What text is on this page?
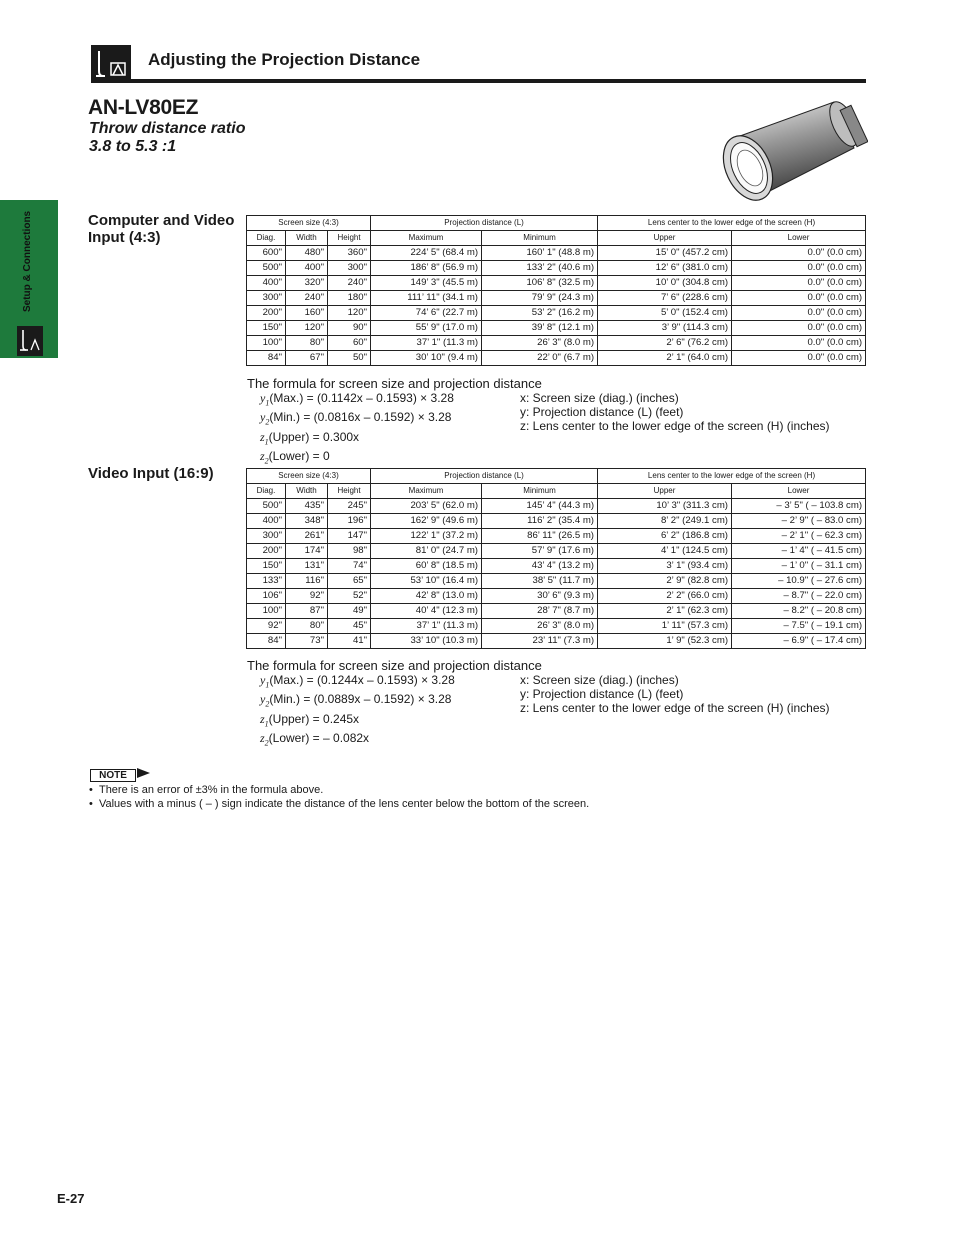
Adjusting the Projection Distance
AN-LV80EZ
Throw distance ratio
3.8 to 5.3 :1
Setup & Connections	Computer and Video
Input (4:3)
Screen size (4:3)			Projection distance (L)		Lens center to the lower edge of the screen (H)	
Diag.	Width	Height	Maximum	Minimum	Upper	Lower
600"	480"	360"	224’ 5" (68.4 m)	160’ 1" (48.8 m)	15’ 0" (457.2 cm)	0.0" (0.0 cm)
500"	400"	300"	186’ 8" (56.9 m)	133’ 2" (40.6 m)	12’ 6" (381.0 cm)	0.0" (0.0 cm)
400"	320"	240"	149’ 3" (45.5 m)	106’ 8" (32.5 m)	10’ 0" (304.8 cm)	0.0" (0.0 cm)
300"	240"	180"	111’ 11" (34.1 m)	79’ 9" (24.3 m)	7’ 6" (228.6 cm)	0.0" (0.0 cm)
200"	160"	120"	74’ 6" (22.7 m)	53’ 2" (16.2 m)	5’ 0" (152.4 cm)	0.0" (0.0 cm)
150"	120"	90"	55’ 9" (17.0 m)	39’ 8" (12.1 m)	3’ 9" (114.3 cm)	0.0" (0.0 cm)
100"	80"	60"	37’ 1" (11.3 m)	26’ 3" (8.0 m)	2’ 6" (76.2 cm)	0.0" (0.0 cm)
84"	67"	50"	30’ 10" (9.4 m)	22’ 0" (6.7 m)	2’ 1" (64.0 cm)	0.0" (0.0 cm)
The formula for screen size and projection distance
$y_1(Max.) = (0.1142x - 0.1593) \times 3.28$
$y_2(Min.) = (0.0816x - 0.1592) \times 3.28$
$z_1(Upper) = 0.300x$
$z_2(Lower) = 0$
x: Screen size (diag.) (inches)
y: Projection distance (L) (feet)
z: Lens center to the lower edge of the screen (H) (inches)
Video Input (16:9)	Screen size (4:3)			Projection distance (L)		Lens center to the lower edge of the screen (H)	
Diag.	Width	Height	Maximum	Minimum	Upper	Lower
500"	435"	245"	203’ 5" (62.0 m)	145’ 4" (44.3 m)	10’ 3" (311.3 cm)	– 3’ 5" ( – 103.8 cm)
400"	348"	196"	162’ 9" (49.6 m)	116’ 2" (35.4 m)	8’ 2" (249.1 cm)	– 2’ 9" ( – 83.0 cm)
300"	261"	147"	122’ 1" (37.2 m)	86’ 11" (26.5 m)	6’ 2" (186.8 cm)	– 2’ 1" ( – 62.3 cm)
200"	174"	98"	81’ 0" (24.7 m)	57’ 9" (17.6 m)	4’ 1" (124.5 cm)	– 1’ 4" ( – 41.5 cm)
150"	131"	74"	60’ 8" (18.5 m)	43’ 4" (13.2 m)	3’ 1" (93.4 cm)	– 1’ 0" ( – 31.1 cm)
133"	116"	65"	53’ 10" (16.4 m)	38’ 5" (11.7 m)	2’ 9" (82.8 cm)	– 10.9" ( – 27.6 cm)
106"	92"	52"	42’ 8" (13.0 m)	30’ 6" (9.3 m)	2’ 2" (66.0 cm)	– 8.7" ( – 22.0 cm)
100"	87"	49"	40’ 4" (12.3 m)	28’ 7" (8.7 m)	2’ 1" (62.3 cm)	– 8.2" ( – 20.8 cm)
92"	80"	45"	37’ 1" (11.3 m)	26’ 3" (8.0 m)	1’ 11" (57.3 cm)	– 7.5" ( – 19.1 cm)
84"	73"	41"	33’ 10" (10.3 m)	23’ 11" (7.3 m)	1’ 9" (52.3 cm)	– 6.9" ( – 17.4 cm)
The formula for screen size and projection distance
$y_1(Max.) = (0.1244x - 0.1593) \times 3.28$
$y_2(Min.) = (0.0889x - 0.1592) \times 3.28$
$z_1(Upper) = 0.245x$
$z_2(Lower)$ = – 0.082x
x: Screen size (diag.) (inches)
y: Projection distance (L) (feet)
z: Lens center to the lower edge of the screen (H) (inches)
NOTE
•  There is an error of ±3% in the formula above.
•  Values with a minus ( – ) sign indicate the distance of the lens center below the bottom of the screen.
E-27
